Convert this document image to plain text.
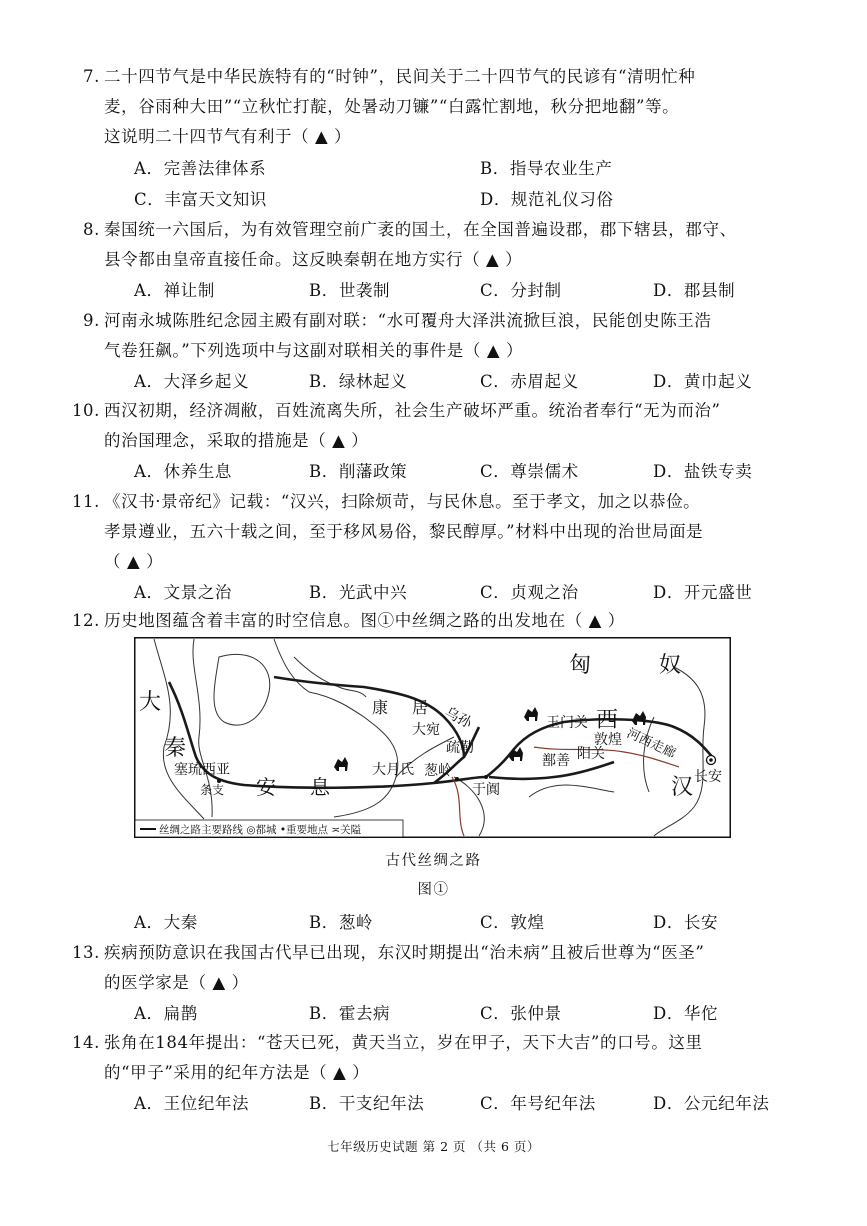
7. 二十四节气是中华民族特有的“时钟”，民间关于二十四节气的民谚有“清明忙种
麦，谷雨种大田”“立秋忙打靛，处暑动刀镰”“白露忙割地，秋分把地翻”等。
这说明二十四节气有利于（ ▲ ）
A．完善法律体系	B．指导农业生产
C．丰富天文知识	D．规范礼仪习俗
8. 秦国统一六国后，为有效管理空前广袤的国土，在全国普遍设郡，郡下辖县，郡守、
县令都由皇帝直接任命。这反映秦朝在地方实行（ ▲ ）
A．禅让制	B．世袭制	C．分封制	D．郡县制
9. 河南永城陈胜纪念园主殿有副对联：“水可覆舟大泽洪流掀巨浪，民能创史陈王浩
气卷狂飙。”下列选项中与这副对联相关的事件是（ ▲ ）
A．大泽乡起义	B．绿林起义	C．赤眉起义	D．黄巾起义
10. 西汉初期，经济凋敝，百姓流离失所，社会生产破坏严重。统治者奉行“无为而治”
的治国理念，采取的措施是（ ▲ ）
A．休养生息	B．削藩政策	C．尊崇儒术	D．盐铁专卖
11. 《汉书·景帝纪》记载：“汉兴，扫除烦苛，与民休息。至于孝文，加之以恭俭。
孝景遵业，五六十载之间，至于移风易俗，黎民醇厚。”材料中出现的治世局面是
（ ▲ ）
A．文景之治	B．光武中兴	C．贞观之治	D．开元盛世
12. 历史地图蕴含着丰富的时空信息。图①中丝绸之路的出发地在（ ▲ ）
匈	奴
大
秦
康 居
大宛 乌孙	玉门关 西
敦煌 河西走廊
阳关
鄯善
疏勒
葱岭
于阗
大月氏
塞琉西亚
条支 安 息	汉 长安
丝绸之路主要路线 ◎都城 •重要地点 ≍关隘
古代丝绸之路
图①
A．大秦	B．葱岭	C．敦煌	D．长安
13. 疾病预防意识在我国古代早已出现，东汉时期提出“治未病”且被后世尊为“医圣”
的医学家是（ ▲ ）
A．扁鹊	B．霍去病	C．张仲景	D．华佗
14. 张角在184年提出：“苍天已死，黄天当立，岁在甲子，天下大吉”的口号。这里
的“甲子”采用的纪年方法是（ ▲ ）
A．王位纪年法	B．干支纪年法	C．年号纪年法	D．公元纪年法
七年级历史试题 第 2 页 （共 6 页）
